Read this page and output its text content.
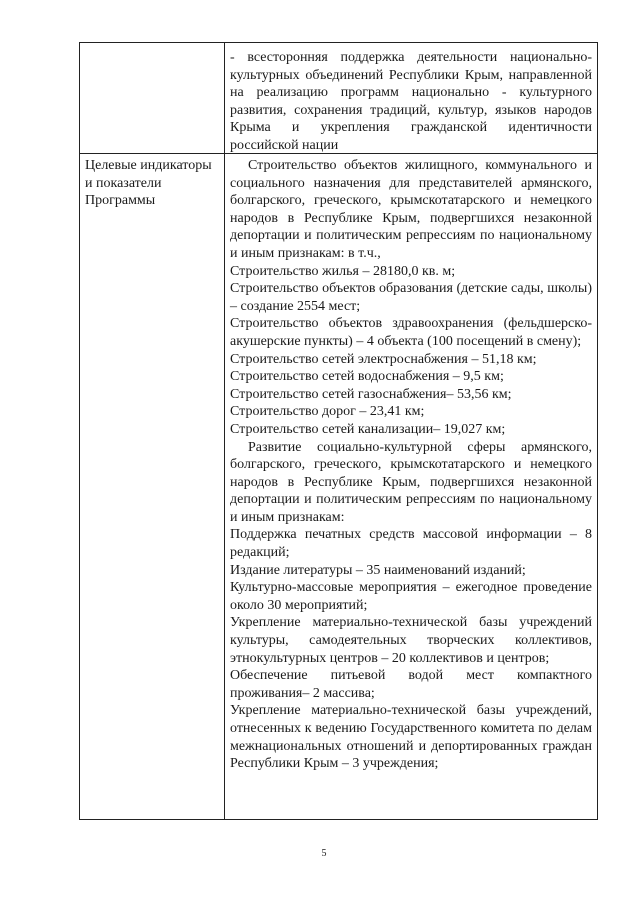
- всесторонняя поддержка деятельности национально-культурных объединений Республики Крым, направленной на реализацию программ национально - культурного развития, сохранения традиций, культур, языков народов Крыма и укрепления гражданской идентичности российской нации

Целевые индикаторы и показатели Программы

Строительство объектов жилищного, коммунального и социального назначения для представителей армянского, болгарского, греческого, крымскотатарского и немецкого народов в Республике Крым, подвергшихся незаконной депортации и политическим репрессиям по национальному и иным признакам: в т.ч.,

Строительство жилья – 28180,0 кв. м;

Строительство объектов образования (детские сады, школы) – создание 2554 мест;

Строительство объектов здравоохранения (фельдшерско-акушерские пункты) – 4 объекта (100 посещений в смену);

Строительство сетей электроснабжения – 51,18 км;

Строительство сетей водоснабжения – 9,5 км;

Строительство сетей газоснабжения– 53,56 км;

Строительство дорог – 23,41 км;

Строительство сетей канализации– 19,027 км;

Развитие социально-культурной сферы армянского, болгарского, греческого, крымскотатарского и немецкого народов в Республике Крым, подвергшихся незаконной депортации и политическим репрессиям по национальному и иным признакам:

Поддержка печатных средств массовой информации – 8 редакций;

Издание литературы – 35 наименований изданий;

Культурно-массовые мероприятия – ежегодное проведение около 30 мероприятий;

Укрепление материально-технической базы учреждений культуры, самодеятельных творческих коллективов, этнокультурных центров – 20 коллективов и центров;

Обеспечение питьевой водой мест компактного проживания– 2 массива;

Укрепление материально-технической базы учреждений, отнесенных к ведению Государственного комитета по делам межнациональных отношений и депортированных граждан Республики Крым – 3 учреждения;

5
